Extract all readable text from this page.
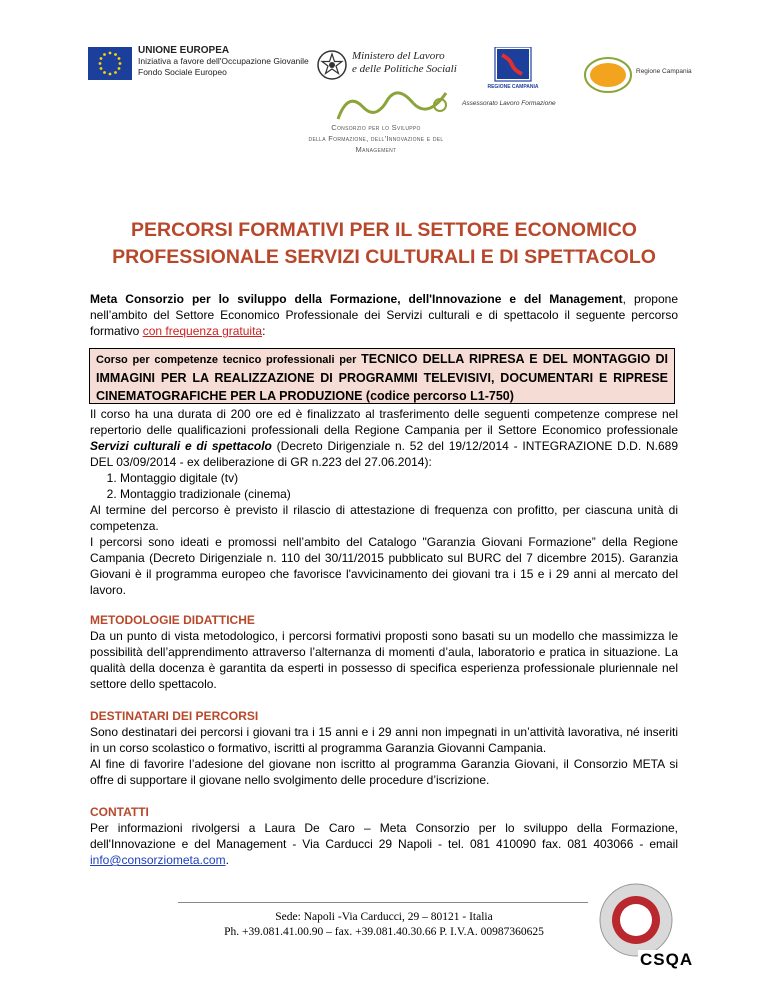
UNIONE EUROPEA
Iniziativa a favore dell'Occupazione Giovanile
Fondo Sociale Europeo
Ministero del Lavoro
e delle Politiche Sociali
REGIONE CAMPANIA
Assessorato Lavoro Formazione
Regione Campania
Consorzio per lo Sviluppo
della Formazione, dell'Innovazione e del
Management
PERCORSI FORMATIVI PER IL SETTORE ECONOMICO
PROFESSIONALE SERVIZI CULTURALI E DI SPETTACOLO
Meta Consorzio per lo sviluppo della Formazione, dell'Innovazione e del Management, propone nell’ambito del Settore Economico Professionale dei Servizi culturali e di spettacolo il seguente percorso formativo con frequenza gratuita:
Corso per competenze tecnico professionali per TECNICO DELLA RIPRESA E DEL MONTAGGIO DI IMMAGINI PER LA REALIZZAZIONE DI PROGRAMMI TELEVISIVI, DOCUMENTARI E RIPRESE CINEMATOGRAFICHE PER LA PRODUZIONE (codice percorso L1-750)
Il corso ha una durata di 200 ore ed è finalizzato al trasferimento delle seguenti competenze comprese nel repertorio delle qualificazioni professionali della Regione Campania per il Settore Economico professionale Servizi culturali e di spettacolo (Decreto Dirigenziale n. 52 del 19/12/2014 - INTEGRAZIONE D.D. N.689 DEL 03/09/2014 - ex deliberazione di GR n.223 del 27.06.2014):
1. Montaggio digitale (tv)
2. Montaggio tradizionale (cinema)
Al termine del percorso è previsto il rilascio di attestazione di frequenza con profitto, per ciascuna unità di competenza.
I percorsi sono ideati e promossi nell’ambito del Catalogo "Garanzia Giovani Formazione” della Regione Campania (Decreto Dirigenziale n. 110 del 30/11/2015 pubblicato sul BURC del 7 dicembre 2015). Garanzia Giovani è il programma europeo che favorisce l'avvicinamento dei giovani tra i 15 e i 29 anni al mercato del lavoro.
METODOLOGIE DIDATTICHE
Da un punto di vista metodologico, i percorsi formativi proposti sono basati su un modello che massimizza le possibilità dell’apprendimento attraverso l’alternanza di momenti d’aula, laboratorio e pratica in situazione. La qualità della docenza è garantita da esperti in possesso di specifica esperienza professionale pluriennale nel settore dello spettacolo.
DESTINATARI DEI PERCORSI
Sono destinatari dei percorsi i giovani tra i 15 anni e i 29 anni non impegnati in un’attività lavorativa, né inseriti in un corso scolastico o formativo, iscritti al programma Garanzia Giovanni Campania.
Al fine di favorire l’adesione del giovane non iscritto al programma Garanzia Giovani, il Consorzio META si offre di supportare il giovane nello svolgimento delle procedure d’iscrizione.
CONTATTI
Per informazioni rivolgersi a Laura De Caro – Meta Consorzio per lo sviluppo della Formazione, dell'Innovazione e del Management - Via Carducci 29 Napoli - tel. 081 410090 fax. 081 403066 - email info@consorziometa.com.
Sede: Napoli -Via Carducci, 29 – 80121 - Italia
Ph. +39.081.41.00.90 – fax. +39.081.40.30.66 P. I.V.A. 00987360625
CSQA
